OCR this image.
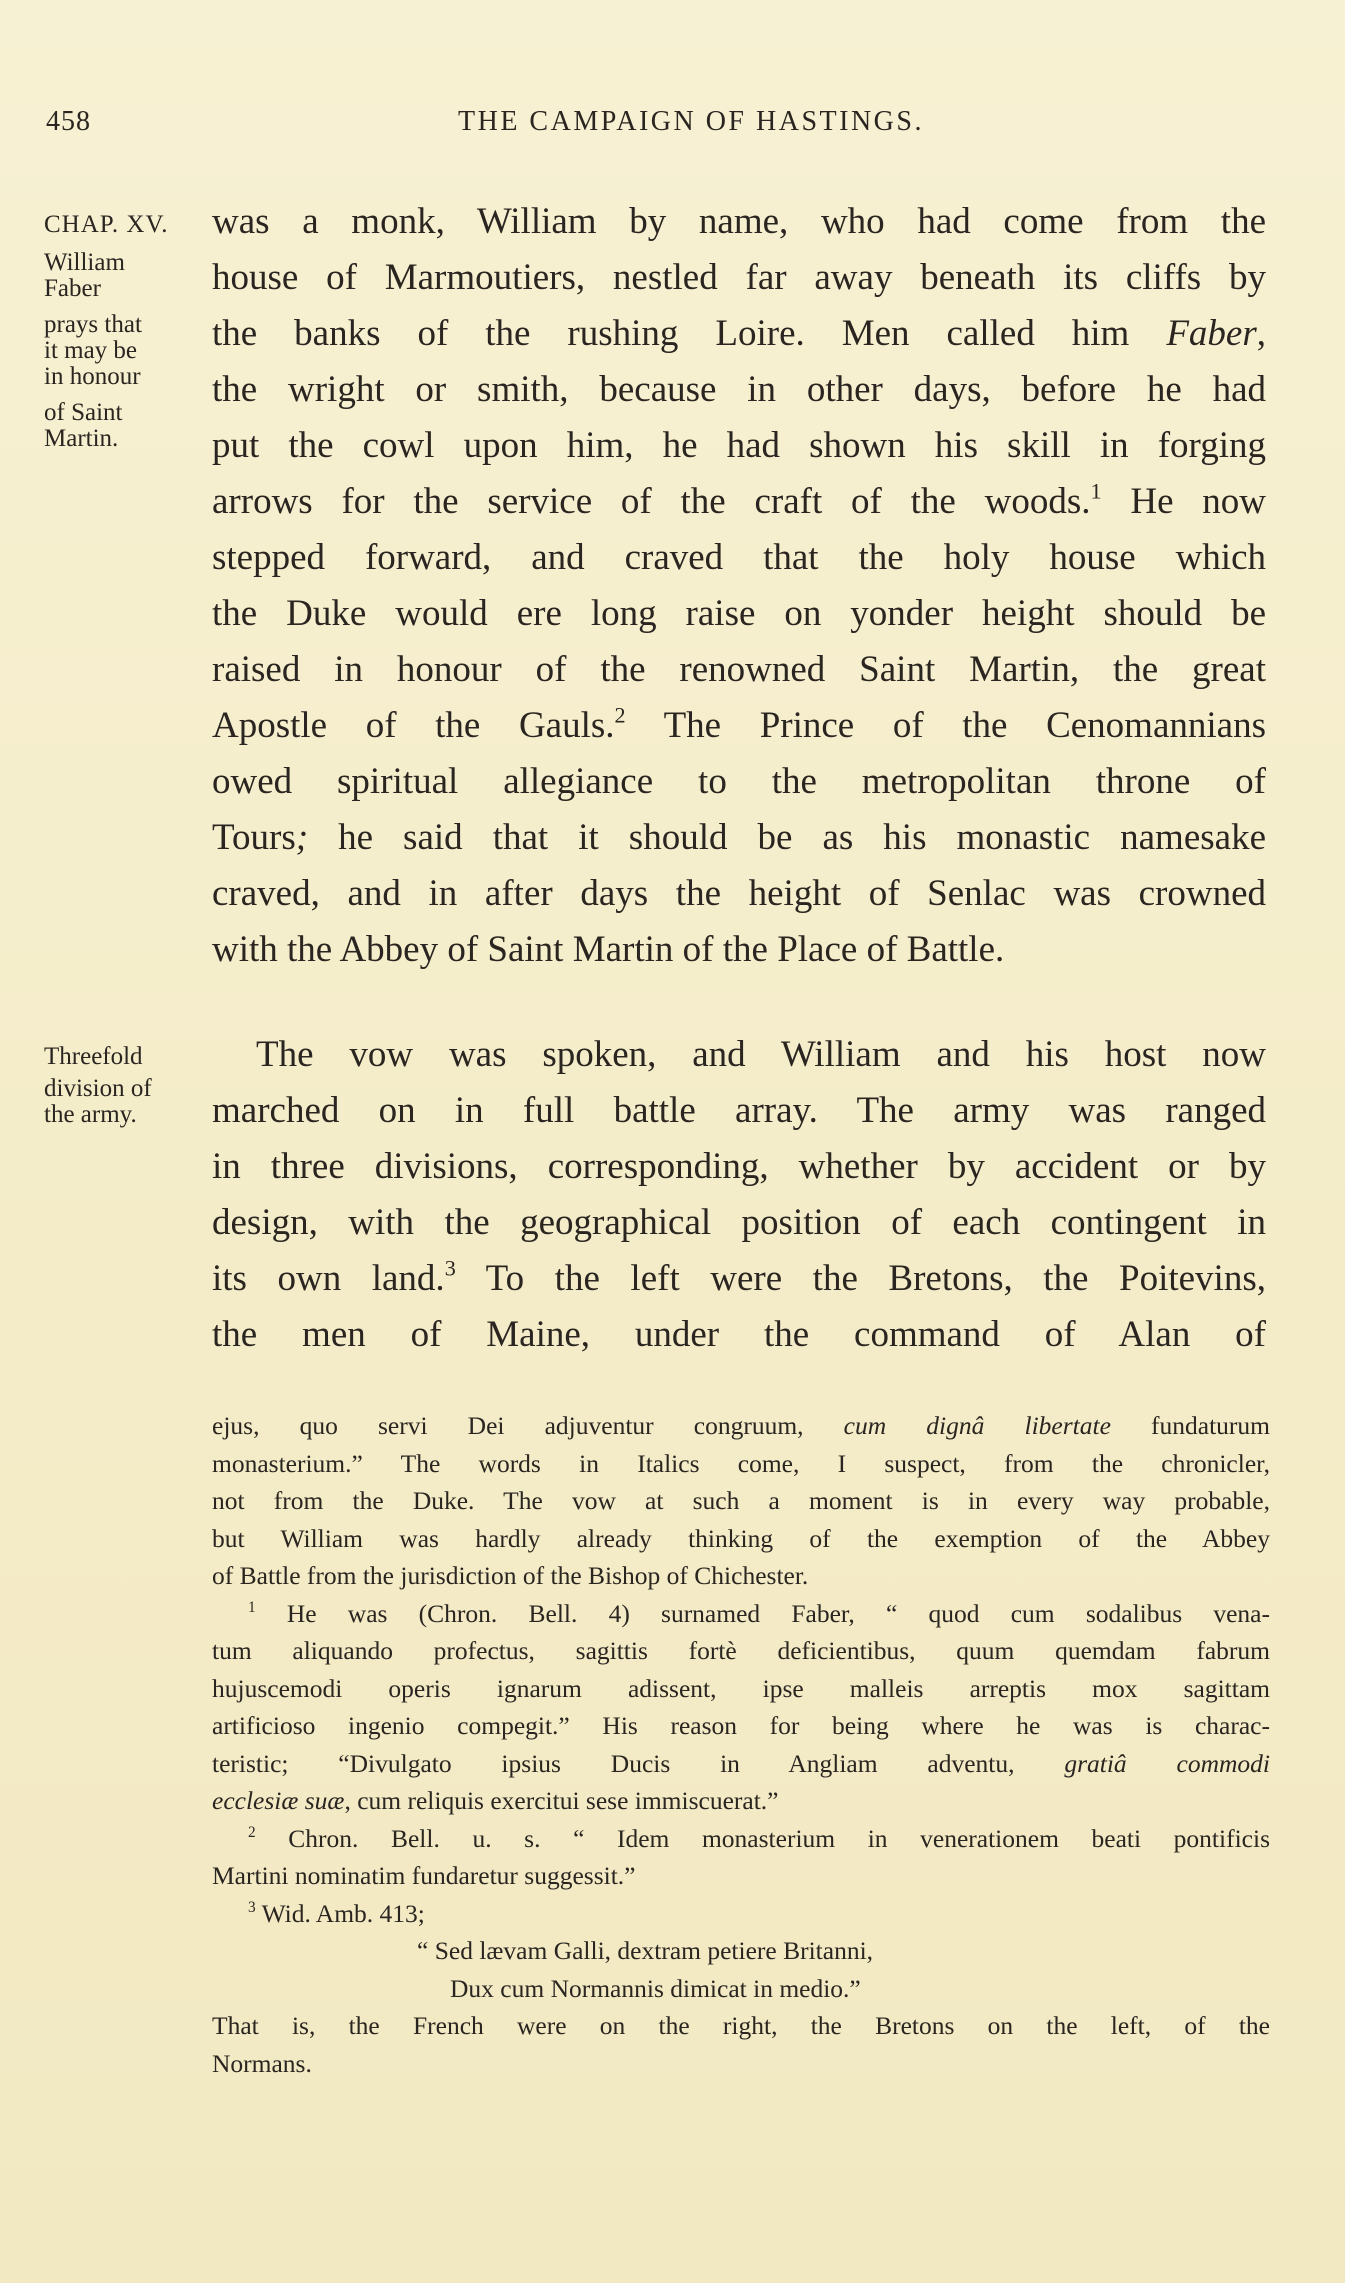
458	THE CAMPAIGN OF HASTINGS.
CHAP. XV.
William
Faber
prays that
it may be
in honour
of Saint
Martin.
Threefold
division of
the army.
was a monk, William by name, who had come from the
house of Marmoutiers, nestled far away beneath its cliffs by
the banks of the rushing Loire. Men called him Faber,
the wright or smith, because in other days, before he had
put the cowl upon him, he had shown his skill in forging
arrows for the service of the craft of the woods.$^1$ He now
stepped forward, and craved that the holy house which
the Duke would ere long raise on yonder height should be
raised in honour of the renowned Saint Martin, the great
Apostle of the Gauls.$^2$ The Prince of the Cenomannians
owed spiritual allegiance to the metropolitan throne of
Tours; he said that it should be as his monastic namesake
craved, and in after days the height of Senlac was crowned
with the Abbey of Saint Martin of the Place of Battle.
The vow was spoken, and William and his host now
marched on in full battle array. The army was ranged
in three divisions, corresponding, whether by accident or by
design, with the geographical position of each contingent in
its own land.$^3$ To the left were the Bretons, the Poitevins,
the men of Maine, under the command of Alan of
ejus, quo servi Dei adjuventur congruum, cum dignâ libertate fundaturum
monasterium.” The words in Italics come, I suspect, from the chronicler,
not from the Duke. The vow at such a moment is in every way probable,
but William was hardly already thinking of the exemption of the Abbey
of Battle from the jurisdiction of the Bishop of Chichester.
$^1$ He was (Chron. Bell. 4) surnamed Faber, “ quod cum sodalibus vena-
tum aliquando profectus, sagittis fortè deficientibus, quum quemdam fabrum
hujuscemodi operis ignarum adissent, ipse malleis arreptis mox sagittam
artificioso ingenio compegit.” His reason for being where he was is charac-
teristic; “Divulgato ipsius Ducis in Angliam adventu, gratiâ commodi
ecclesiæ suæ, cum reliquis exercitui sese immiscuerat.”
$^2$ Chron. Bell. u. s. “ Idem monasterium in venerationem beati pontificis
Martini nominatim fundaretur suggessit.”
$^3$ Wid. Amb. 413;
“ Sed lævam Galli, dextram petiere Britanni,
Dux cum Normannis dimicat in medio.”
That is, the French were on the right, the Bretons on the left, of the
Normans.
